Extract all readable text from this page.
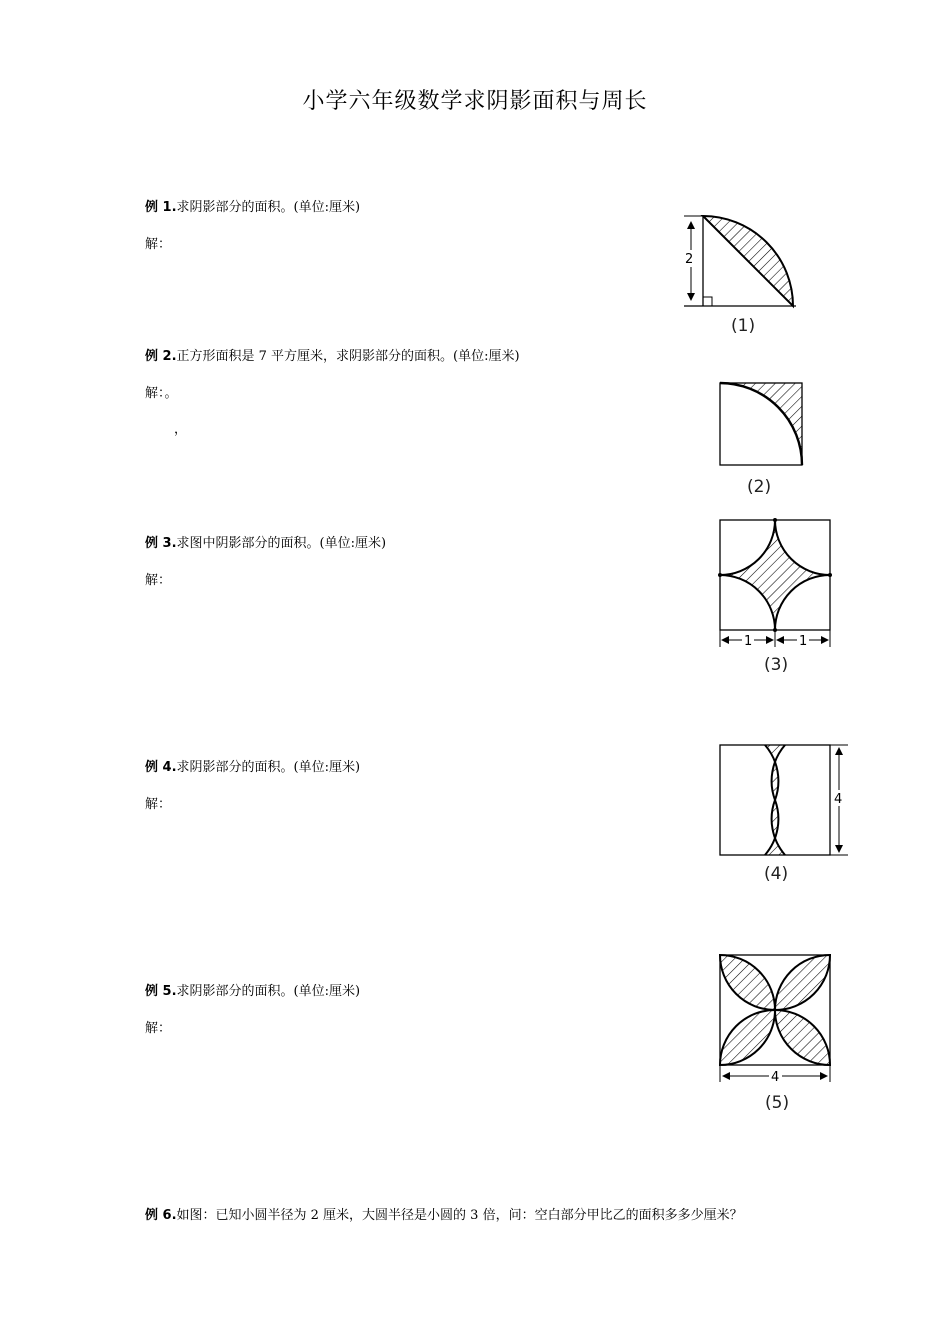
小学六年级数学求阴影面积与周长
例 1.求阴影部分的面积。(单位:厘米)
解：
例 2.正方形面积是 7 平方厘米，求阴影部分的面积。(单位:厘米)
解：。
，
例 3.求图中阴影部分的面积。(单位:厘米)
解：
例 4.求阴影部分的面积。(单位:厘米)
解：
例 5.求阴影部分的面积。(单位:厘米)
解：
例 6.如图：已知小圆半径为 2 厘米，大圆半径是小圆的 3 倍，问：空白部分甲比乙的面积多多少厘米？
2
(1)
(2)
1	1
(3)
4
(4)
4
(5)
